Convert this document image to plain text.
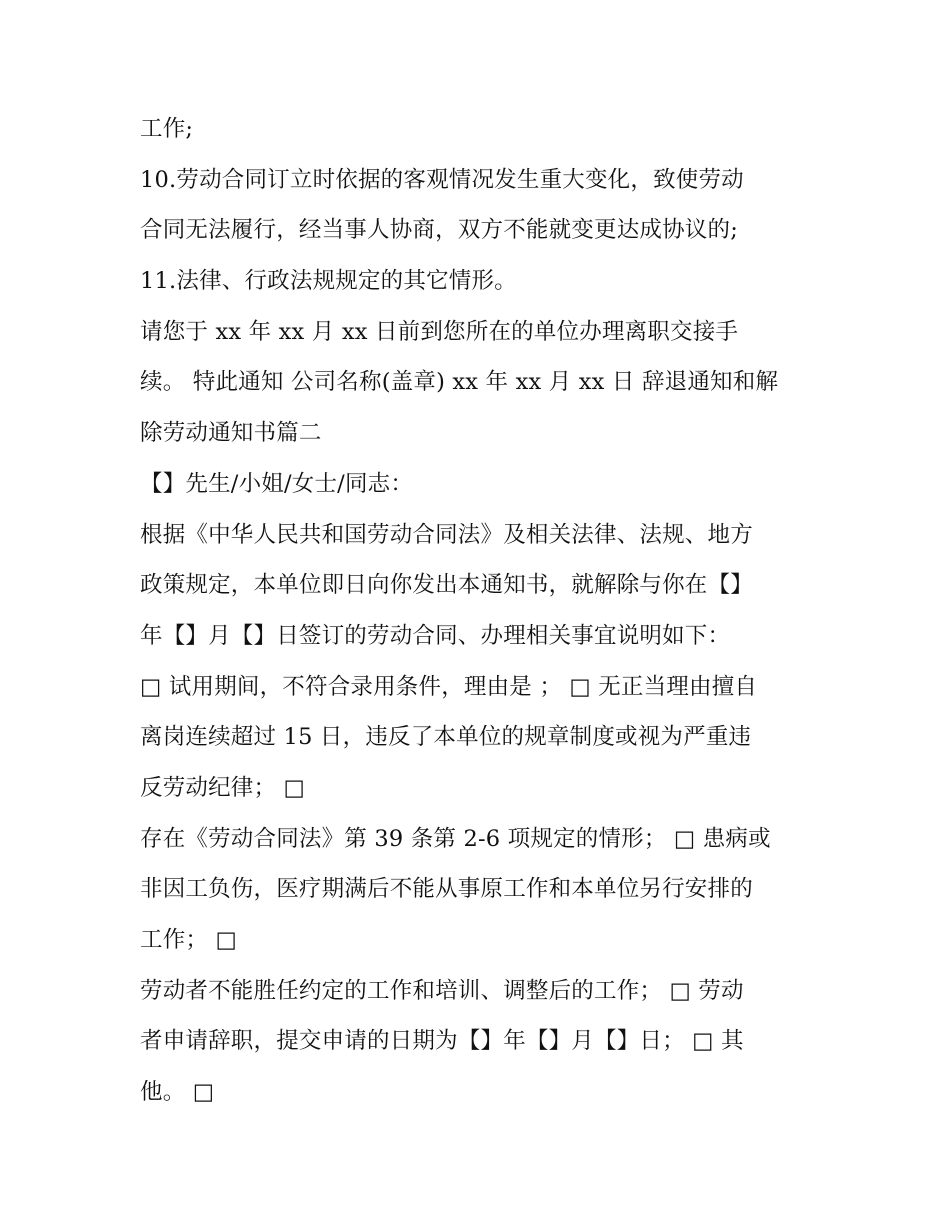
工作;
10.劳动合同订立时依据的客观情况发生重大变化，致使劳动
合同无法履行，经当事人协商，双方不能就变更达成协议的;
11.法律、行政法规规定的其它情形。
请您于 xx 年 xx 月 xx 日前到您所在的单位办理离职交接手
续。 特此通知 公司名称(盖章) xx 年 xx 月 xx 日 辞退通知和解
除劳动通知书篇二
【】先生/小姐/女士/同志：
根据《中华人民共和国劳动合同法》及相关法律、法规、地方
政策规定，本单位即日向你发出本通知书，就解除与你在【】
年【】月【】日签订的劳动合同、办理相关事宜说明如下：
□ 试用期间，不符合录用条件，理由是 ； □ 无正当理由擅自
离岗连续超过 15 日，违反了本单位的规章制度或视为严重违
反劳动纪律； □
存在《劳动合同法》第 39 条第 2-6 项规定的情形； □ 患病或
非因工负伤，医疗期满后不能从事原工作和本单位另行安排的
工作； □
劳动者不能胜任约定的工作和培训、调整后的工作； □ 劳动
者申请辞职，提交申请的日期为【】年【】月【】日； □ 其
他。 □
